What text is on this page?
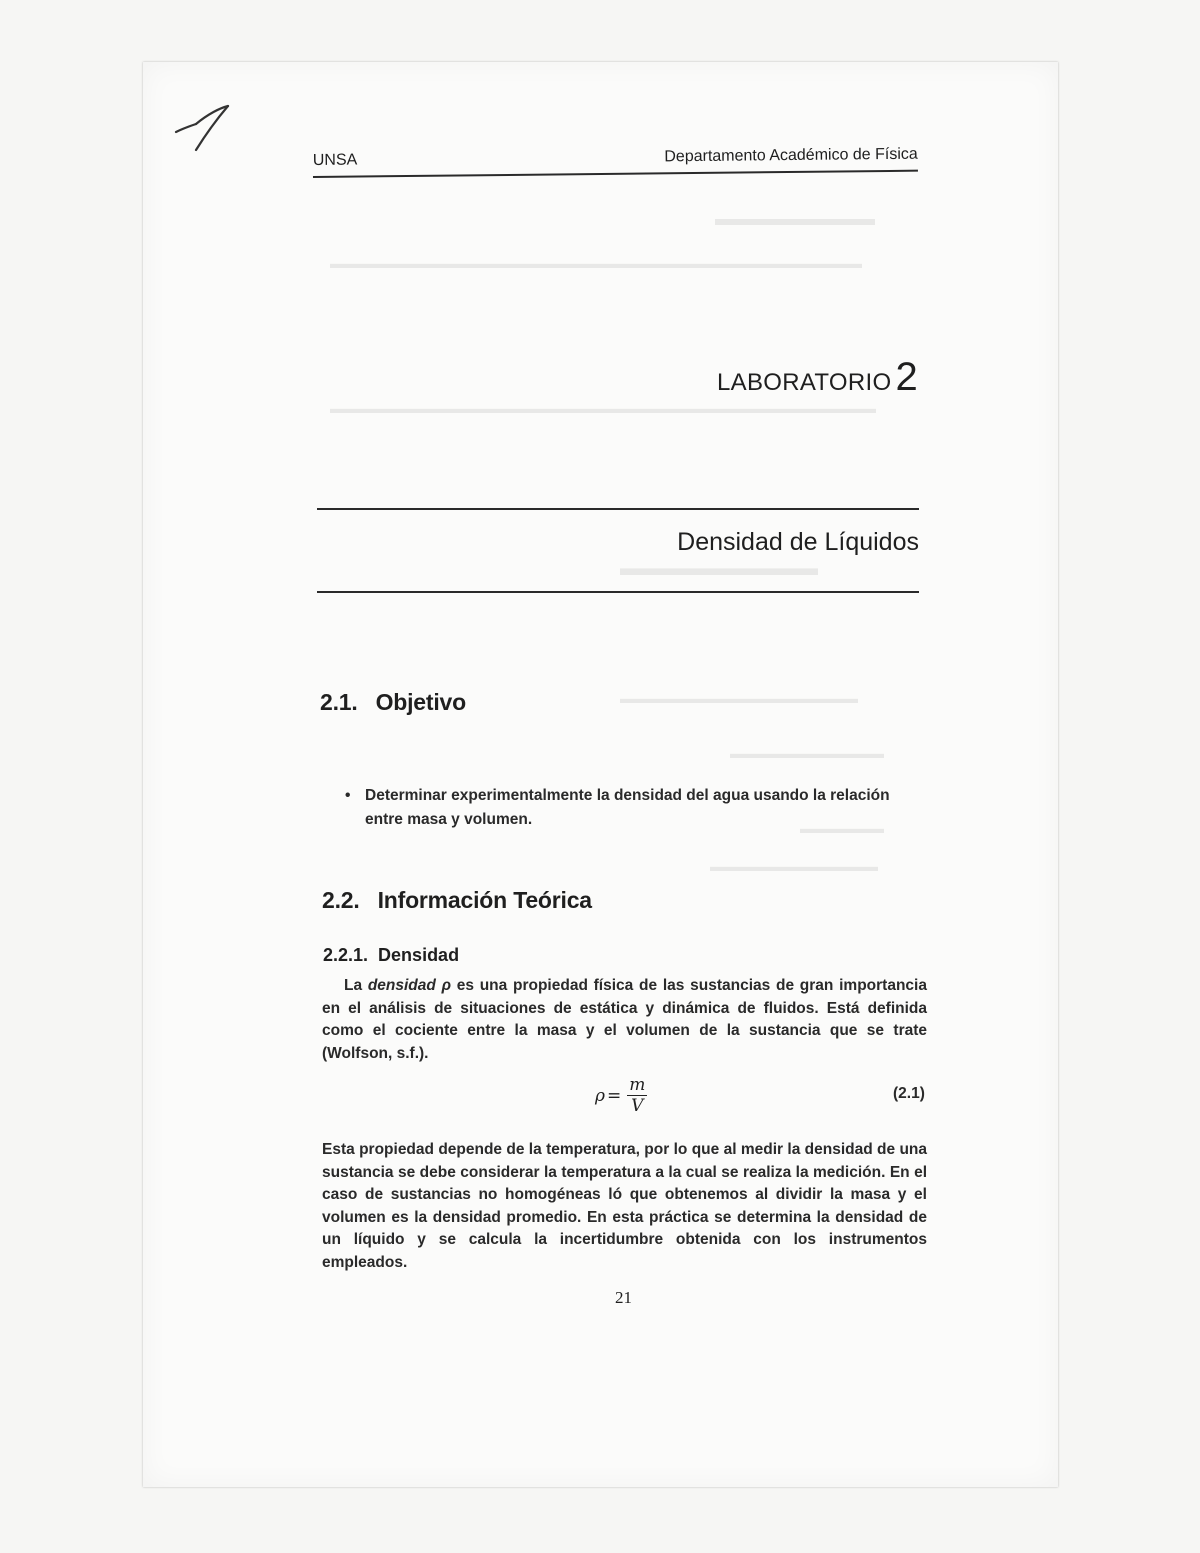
▬▬▬▬▬▬▬▬
▬▬▬▬▬▬▬▬▬▬▬▬▬▬▬▬▬▬▬▬▬▬▬▬▬▬▬▬▬▬▬▬▬▬▬▬▬▬
▬▬▬▬▬▬▬▬▬▬▬▬▬▬▬▬▬▬▬▬▬▬▬▬▬▬▬▬▬▬▬▬▬▬▬▬▬▬▬
▬▬▬▬▬▬▬▬▬
▬▬▬▬▬▬▬▬▬▬▬▬▬▬▬▬▬
▬▬▬▬▬▬▬▬▬▬▬
▬▬▬▬▬▬
▬▬▬▬▬▬▬▬▬▬▬▬
UNSA	Departamento Académico de Física
LABORATORIO 2
Densidad de Líquidos
2.1. Objetivo
• Determinar experimentalmente la densidad del agua usando la relación entre masa y volumen.
2.2. Información Teórica
2.2.1. Densidad

La densidad ρ es una propiedad física de las sustancias de gran importancia en el análisis de situaciones de estática y dinámica de fluidos. Está definida como el cociente entre la masa y el volumen de la sustancia que se trate (Wolfson, s.f.).

$\rho = \frac{m}{V}$	(2.1)

Esta propiedad depende de la temperatura, por lo que al medir la densidad de una sustancia se debe considerar la temperatura a la cual se realiza la medición. En el caso de sustancias no homogéneas ló que obtenemos al dividir la masa y el volumen es la densidad promedio. En esta práctica se determina la densidad de un líquido y se calcula la incertidumbre obtenida con los instrumentos empleados.

21
